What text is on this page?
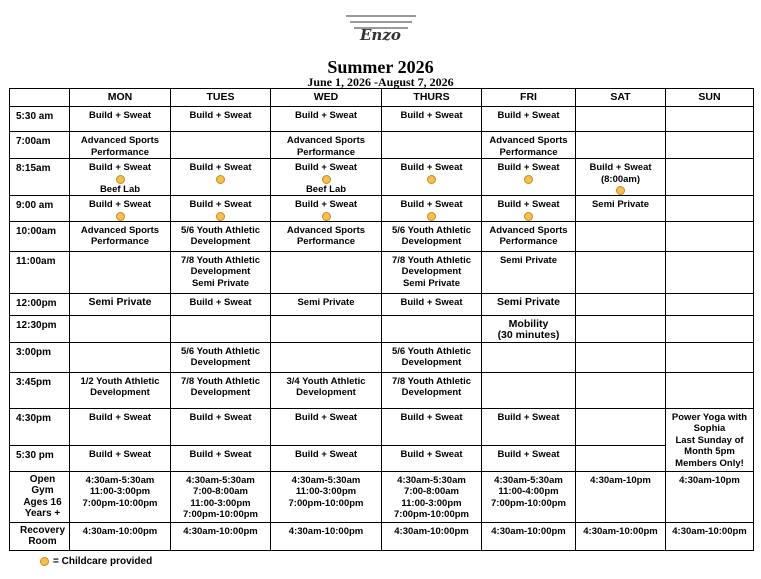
Enzo
Summer 2026
June 1, 2026 -August 7, 2026
	MON	TUES	WED	THURS	FRI	SAT	SUN

5:30 am	Build + Sweat	Build + Sweat	Build + Sweat	Build + Sweat	Build + Sweat		

7:00am	Advanced Sports
Performance		Advanced Sports
Performance		Advanced Sports
Performance		

8:15am	Build + Sweat
Beef Lab	Build + Sweat	Build + Sweat
Beef Lab	Build + Sweat	Build + Sweat	Build + Sweat
(8:00am)	

9:00 am	Build + Sweat	Build + Sweat	Build + Sweat	Build + Sweat	Build + Sweat	Semi Private	

10:00am	Advanced Sports
Performance	5/6 Youth Athletic
Development	Advanced Sports
Performance	5/6 Youth Athletic
Development	Advanced Sports
Performance		

11:00am		7/8 Youth Athletic
Development
Semi Private		7/8 Youth Athletic
Development
Semi Private	Semi Private		

12:00pm	Semi Private	Build + Sweat	Semi Private	Build + Sweat	Semi Private		

12:30pm					Mobility
(30 minutes)		

3:00pm		5/6 Youth Athletic
Development		5/6 Youth Athletic
Development			

3:45pm	1/2 Youth Athletic
Development	7/8 Youth Athletic
Development	3/4 Youth Athletic
Development	7/8 Youth Athletic
Development			

4:30pm	Build + Sweat	Build + Sweat	Build + Sweat	Build + Sweat	Build + Sweat		Power Yoga with
Sophia
Last Sunday of
Month 5pm
Members Only!

5:30 pm	Build + Sweat	Build + Sweat	Build + Sweat	Build + Sweat	Build + Sweat		

Open
Gym
Ages 16
Years +	4:30am-5:30am
11:00-3:00pm
7:00pm-10:00pm	4:30am-5:30am
7:00-8:00am
11:00-3:00pm
7:00pm-10:00pm	4:30am-5:30am
11:00-3:00pm
7:00pm-10:00pm	4:30am-5:30am
7:00-8:00am
11:00-3:00pm
7:00pm-10:00pm	4:30am-5:30am
11:00-4:00pm
7:00pm-10:00pm	4:30am-10pm	4:30am-10pm

Recovery
Room	4:30am-10:00pm	4:30am-10:00pm	4:30am-10:00pm	4:30am-10:00pm	4:30am-10:00pm	4:30am-10:00pm	4:30am-10:00pm
= Childcare provided
